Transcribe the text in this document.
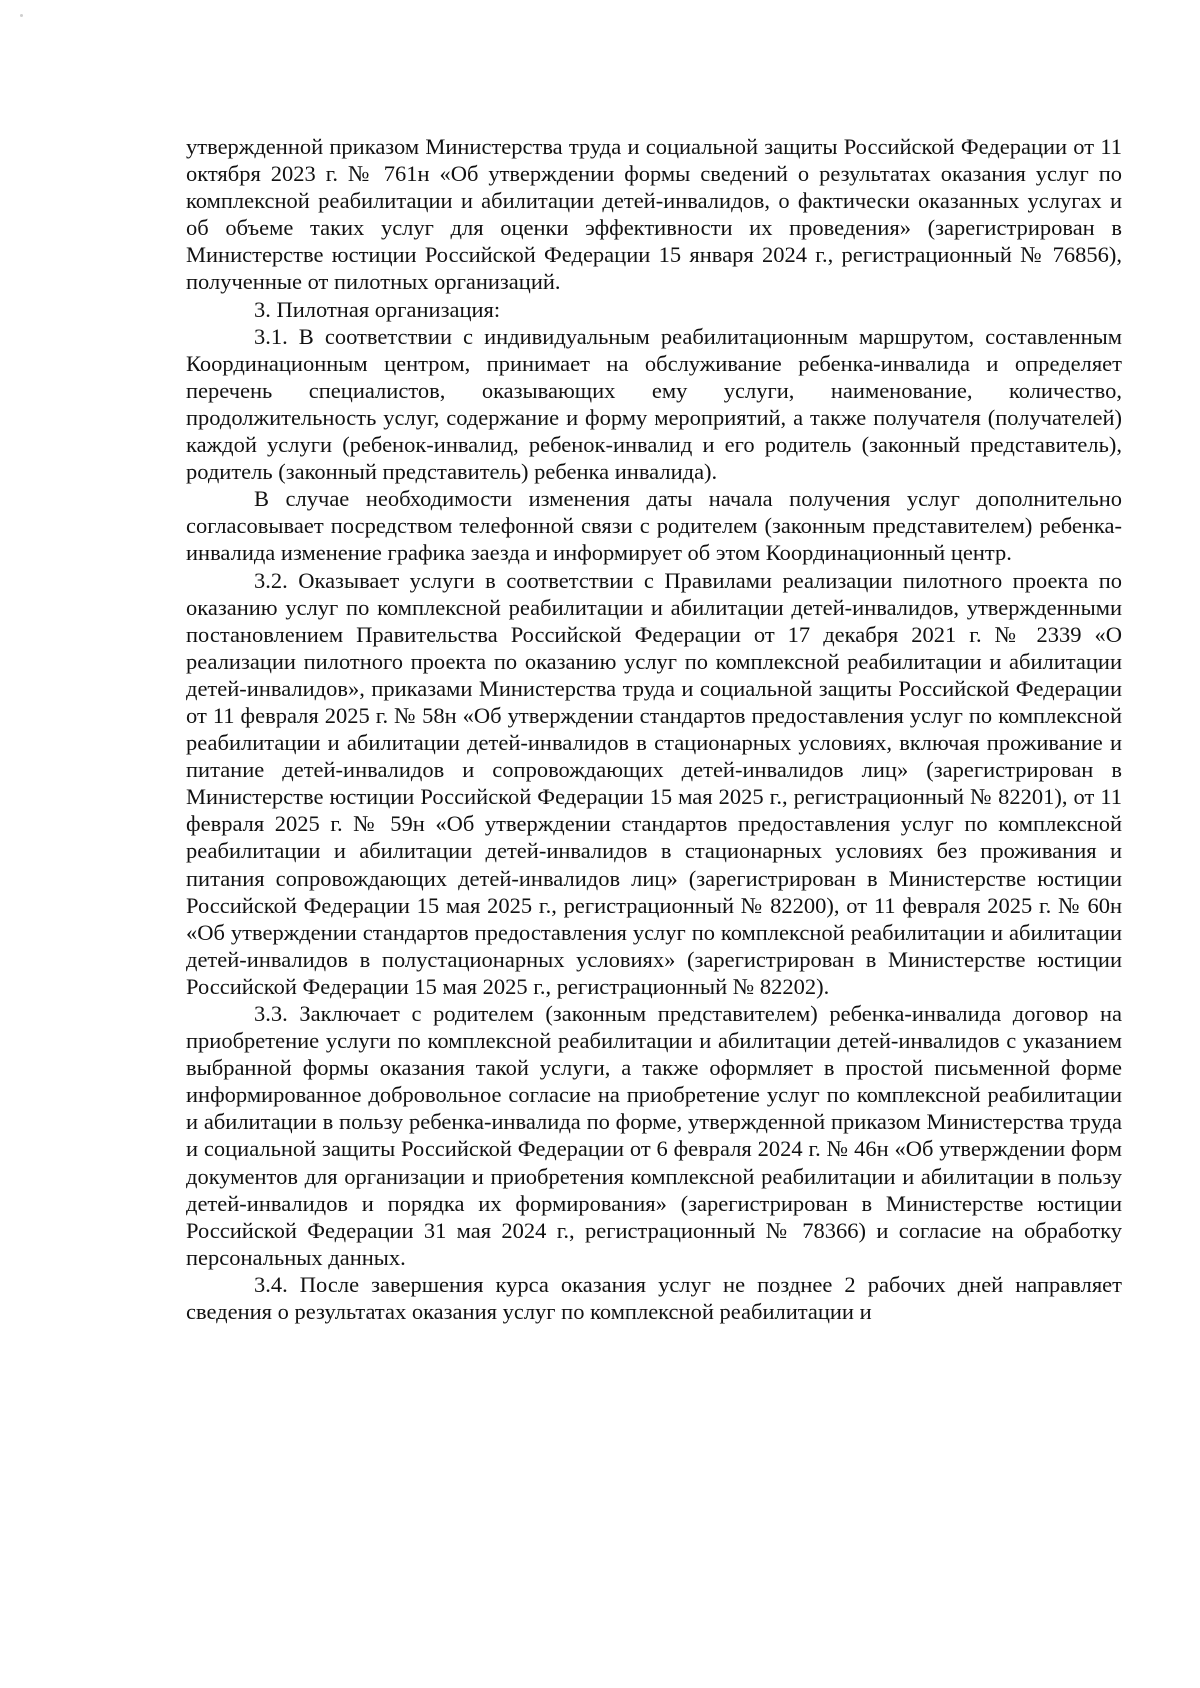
утвержденной приказом Министерства труда и социальной защиты Российской Федерации от 11 октября 2023 г. № 761н «Об утверждении формы сведений о результатах оказания услуг по комплексной реабилитации и абилитации детей-инвалидов, о фактически оказанных услугах и об объеме таких услуг для оценки эффективности их проведения» (зарегистрирован в Министерстве юстиции Российской Федерации 15 января 2024 г., регистрационный № 76856), полученные от пилотных организаций.

3. Пилотная организация:

3.1. В соответствии с индивидуальным реабилитационным маршрутом, составленным Координационным центром, принимает на обслуживание ребенка-инвалида и определяет перечень специалистов, оказывающих ему услуги, наименование, количество, продолжительность услуг, содержание и форму мероприятий, а также получателя (получателей) каждой услуги (ребенок-инвалид, ребенок-инвалид и его родитель (законный представитель), родитель (законный представитель) ребенка инвалида).

В случае необходимости изменения даты начала получения услуг дополнительно согласовывает посредством телефонной связи с родителем (законным представителем) ребенка-инвалида изменение графика заезда и информирует об этом Координационный центр.

3.2. Оказывает услуги в соответствии с Правилами реализации пилотного проекта по оказанию услуг по комплексной реабилитации и абилитации детей-инвалидов, утвержденными постановлением Правительства Российской Федерации от 17 декабря 2021 г. № 2339 «О реализации пилотного проекта по оказанию услуг по комплексной реабилитации и абилитации детей-инвалидов», приказами Министерства труда и социальной защиты Российской Федерации от 11 февраля 2025 г. № 58н «Об утверждении стандартов предоставления услуг по комплексной реабилитации и абилитации детей-инвалидов в стационарных условиях, включая проживание и питание детей-инвалидов и сопровождающих детей-инвалидов лиц» (зарегистрирован в Министерстве юстиции Российской Федерации 15 мая 2025 г., регистрационный № 82201), от 11 февраля 2025 г. № 59н «Об утверждении стандартов предоставления услуг по комплексной реабилитации и абилитации детей-инвалидов в стационарных условиях без проживания и питания сопровождающих детей-инвалидов лиц» (зарегистрирован в Министерстве юстиции Российской Федерации 15 мая 2025 г., регистрационный № 82200), от 11 февраля 2025 г. № 60н «Об утверждении стандартов предоставления услуг по комплексной реабилитации и абилитации детей-инвалидов в полустационарных условиях» (зарегистрирован в Министерстве юстиции Российской Федерации 15 мая 2025 г., регистрационный № 82202).

3.3. Заключает с родителем (законным представителем) ребенка-инвалида договор на приобретение услуги по комплексной реабилитации и абилитации детей-инвалидов с указанием выбранной формы оказания такой услуги, а также оформляет в простой письменной форме информированное добровольное согласие на приобретение услуг по комплексной реабилитации и абилитации в пользу ребенка-инвалида по форме, утвержденной приказом Министерства труда и социальной защиты Российской Федерации от 6 февраля 2024 г. № 46н «Об утверждении форм документов для организации и приобретения комплексной реабилитации и абилитации в пользу детей-инвалидов и порядка их формирования» (зарегистрирован в Министерстве юстиции Российской Федерации 31 мая 2024 г., регистрационный № 78366) и согласие на обработку персональных данных.

3.4. После завершения курса оказания услуг не позднее 2 рабочих дней направляет сведения о результатах оказания услуг по комплексной реабилитации и
